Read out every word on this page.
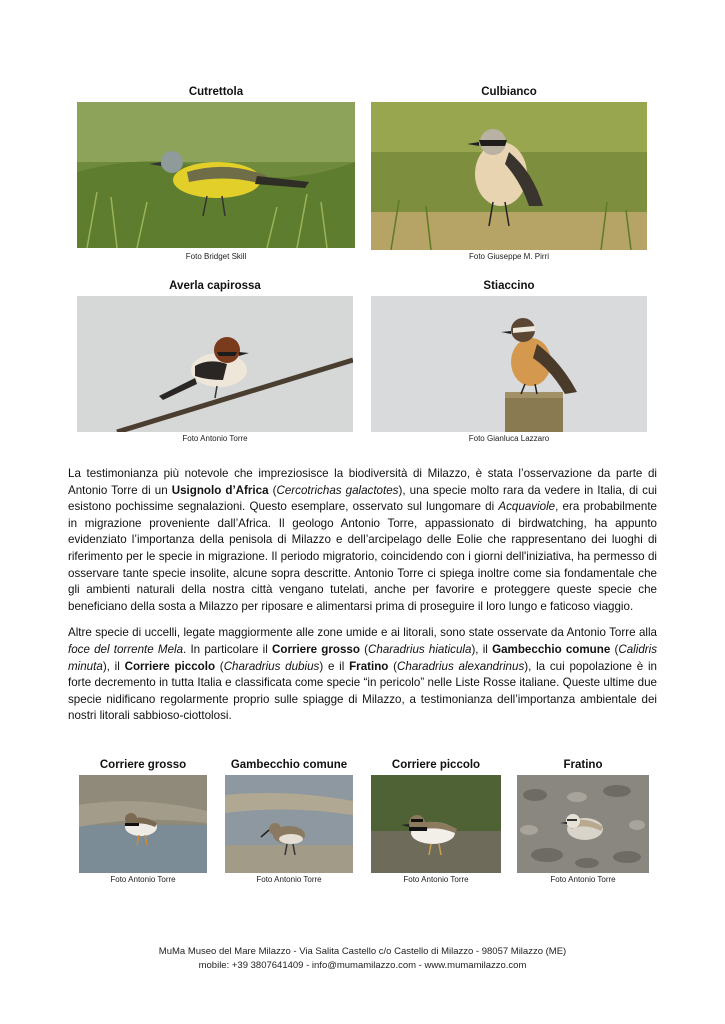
Cutrettola
Foto Bridget Skill
Culbianco
Foto Giuseppe M. Pirri
Averla capirossa
Foto Antonio Torre
Stiaccino
Foto Gianluca Lazzaro

La testimonianza più notevole che impreziosisce la biodiversità di Milazzo, è stata l’osservazione da parte di Antonio Torre di un Usignolo d’Africa (Cercotrichas galactotes), una specie molto rara da vedere in Italia, di cui esistono pochissime segnalazioni. Questo esemplare, osservato sul lungomare di Acquaviole, era probabilmente in migrazione proveniente dall’Africa. Il geologo Antonio Torre, appassionato di birdwatching, ha appunto evidenziato l’importanza della penisola di Milazzo e dell’arcipelago delle Eolie che rappresentano dei luoghi di riferimento per le specie in migrazione. Il periodo migratorio, coincidendo con i giorni dell'iniziativa, ha permesso di osservare tante specie insolite, alcune sopra descritte. Antonio Torre ci spiega inoltre come sia fondamentale che gli ambienti naturali della nostra città vengano tutelati, anche per favorire e proteggere queste specie che beneficiano della sosta a Milazzo per riposare e alimentarsi prima di proseguire il loro lungo e faticoso viaggio.

Altre specie di uccelli, legate maggiormente alle zone umide e ai litorali, sono state osservate da Antonio Torre alla foce del torrente Mela. In particolare il Corriere grosso (Charadrius hiaticula), il Gambecchio comune (Calidris minuta), il Corriere piccolo (Charadrius dubius) e il Fratino (Charadrius alexandrinus), la cui popolazione è in forte decremento in tutta Italia e classificata come specie “in pericolo” nelle Liste Rosse italiane. Queste ultime due specie nidificano regolarmente proprio sulle spiagge di Milazzo, a testimonianza dell’importanza ambientale dei nostri litorali sabbioso-ciottolosi.

Corriere grosso
Foto Antonio Torre
Gambecchio comune
Foto Antonio Torre
Corriere piccolo
Foto Antonio Torre
Fratino
Foto Antonio Torre
MuMa Museo del Mare Milazzo - Via Salita Castello c/o Castello di Milazzo - 98057 Milazzo (ME)
mobile: +39 3807641409 - info@mumamilazzo.com - www.mumamilazzo.com
